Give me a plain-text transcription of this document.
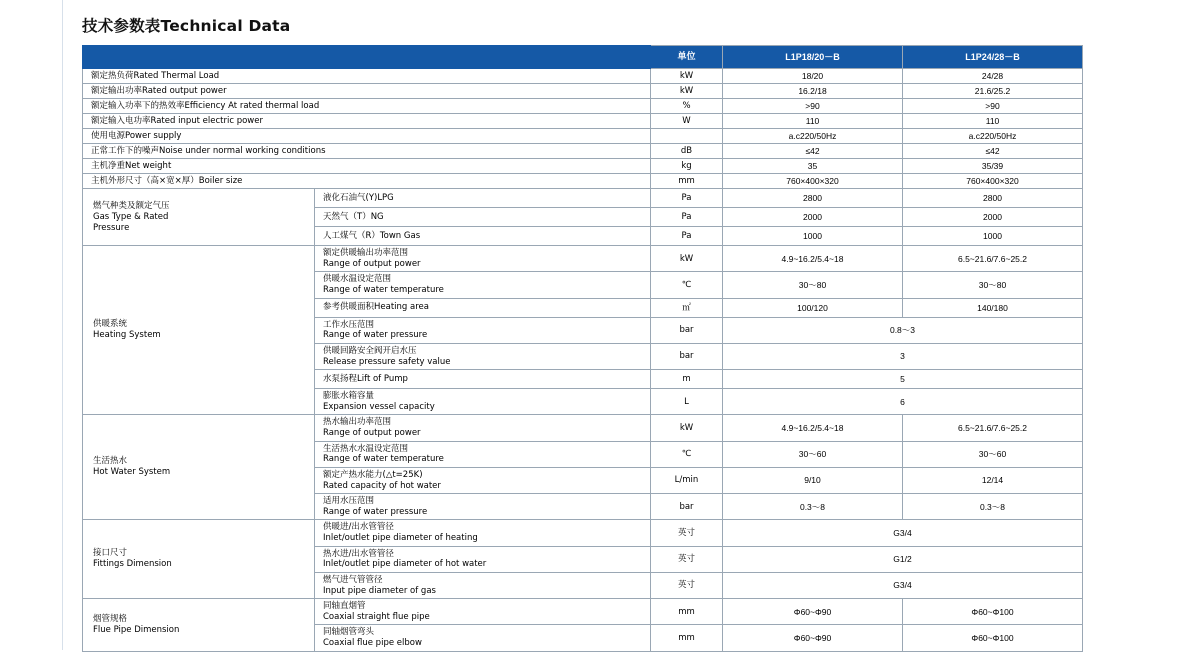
技术参数表Technical Data
		单位	L1P18/20－B	L1P24/28－B

额定热负荷Rated Thermal Load		kW	18/20	24/28

额定输出功率Rated output power		kW	16.2/18	21.6/25.2

额定输入功率下的热效率Efficiency At rated thermal load		%	>90	>90

额定输入电功率Rated input electric power		W	110	110

使用电源Power supply			a.c220/50Hz	a.c220/50Hz

正常工作下的噪声Noise under normal working conditions		dB	≤42	≤42

主机净重Net weight		kg	35	35/39

主机外形尺寸（高×宽×厚）Boiler size		mm	760×400×320	760×400×320

燃气种类及额定气压
Gas Type & Rated
Pressure	液化石油气(Y)LPG	Pa	2800	2800

	天然气（T）NG	Pa	2000	2000

	人工煤气（R）Town Gas	Pa	1000	1000

供暖系统
Heating System	额定供暖输出功率范围
Range of output power	kW	4.9~16.2/5.4~18	6.5~21.6/7.6~25.2

	供暖水温设定范围
Range of water temperature	℃	30～80	30～80

	参考供暖面积Heating area	㎡	100/120	140/180

	工作水压范围
Range of water pressure	bar	0.8～3	

	供暖回路安全阀开启水压
Release pressure safety value	bar	3	

	水泵扬程Lift of Pump	m	5	

	膨胀水箱容量
Expansion vessel capacity	L	6	

生活热水
Hot Water System	热水输出功率范围
Range of output power	kW	4.9~16.2/5.4~18	6.5~21.6/7.6~25.2

	生活热水水温设定范围
Range of water temperature	℃	30～60	30～60

	额定产热水能力(△t=25K)
Rated capacity of hot water	L/min	9/10	12/14

	适用水压范围
Range of water pressure	bar	0.3～8	0.3～8

接口尺寸
Fittings Dimension	供暖进/出水管管径
Inlet/outlet pipe diameter of heating	英寸	G3/4	

	热水进/出水管管径
Inlet/outlet pipe diameter of hot water	英寸	G1/2	

	燃气进气管管径
Input pipe diameter of gas	英寸	G3/4	

烟管规格
Flue Pipe Dimension	同轴直烟管
Coaxial straight flue pipe	mm	Φ60~Φ90	Φ60~Φ100

	同轴烟管弯头
Coaxial flue pipe elbow	mm	Φ60~Φ90	Φ60~Φ100
